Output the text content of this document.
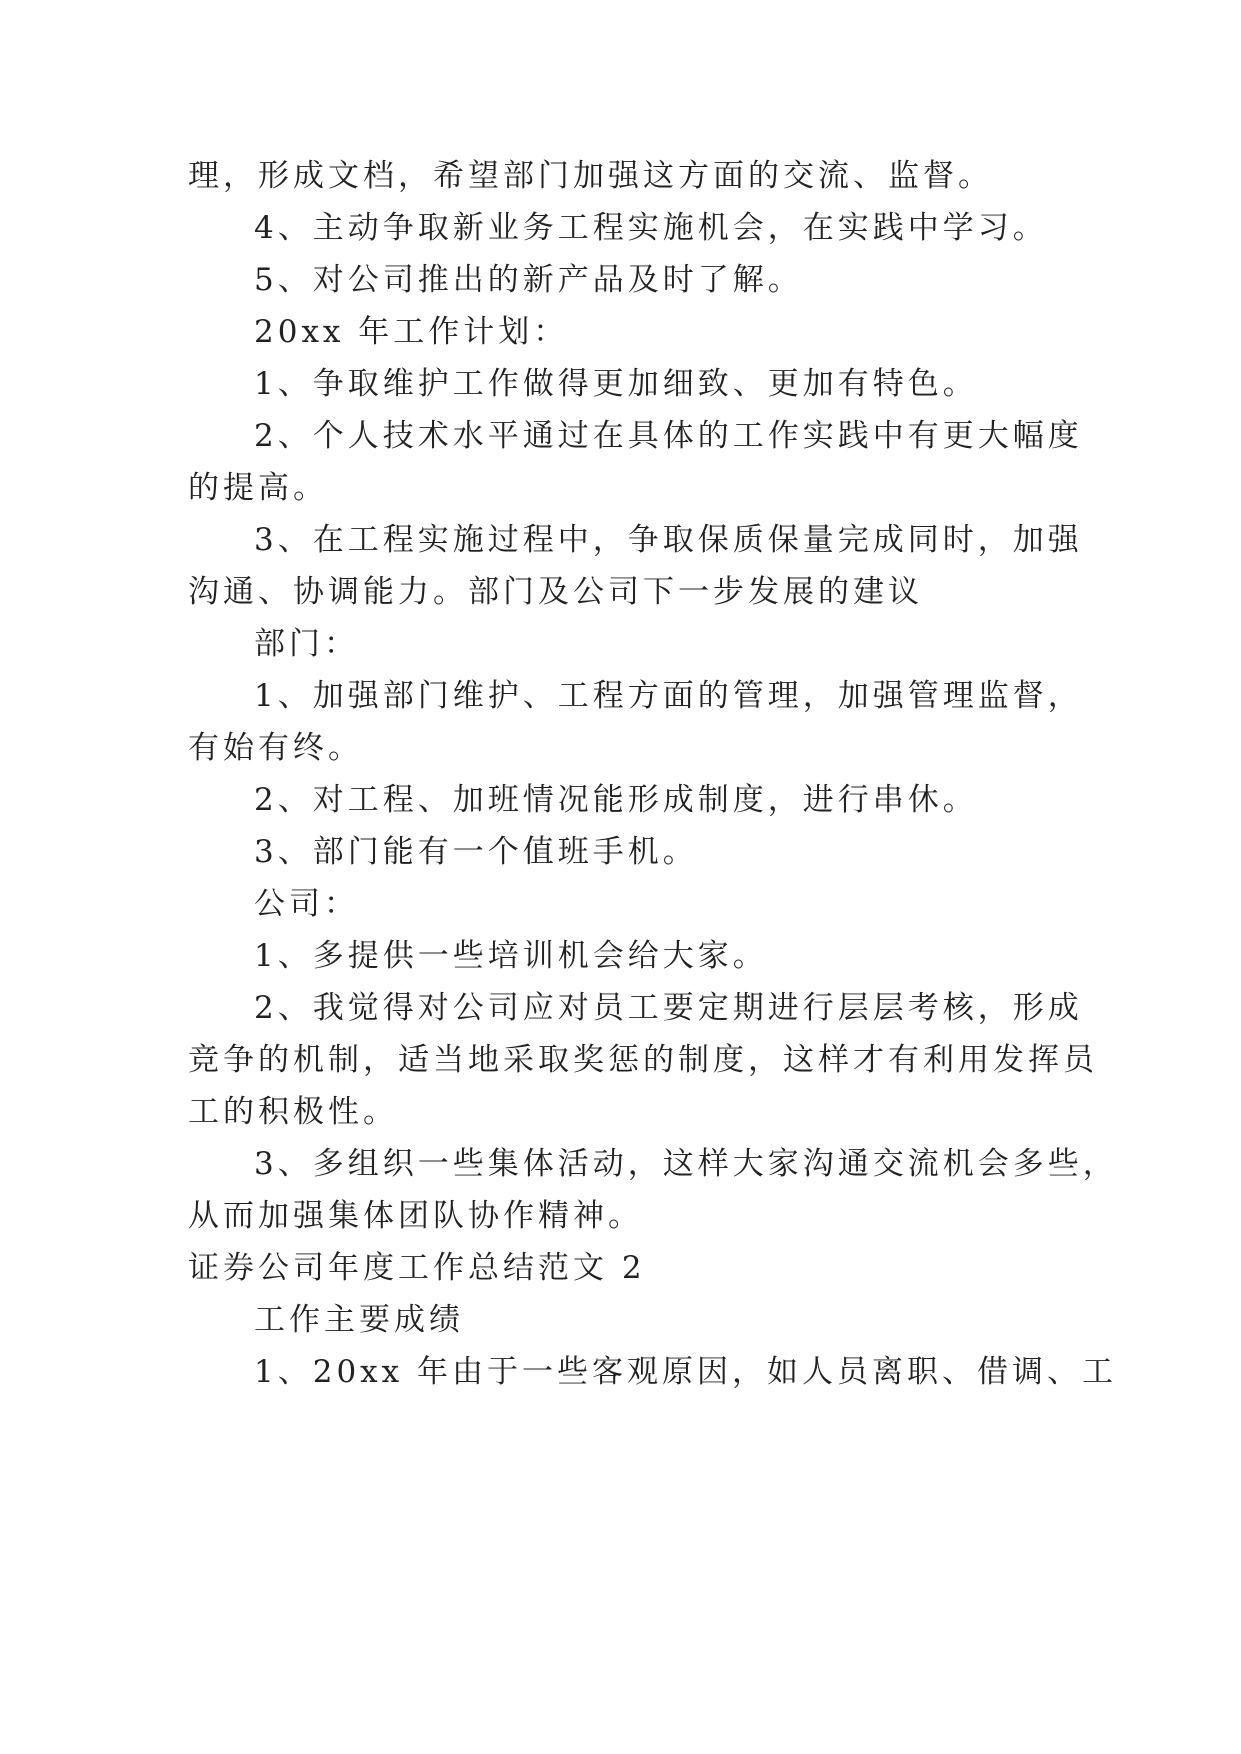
理，形成文档，希望部门加强这方面的交流、监督。
4、主动争取新业务工程实施机会，在实践中学习。
5、对公司推出的新产品及时了解。
20xx 年工作计划：
1、争取维护工作做得更加细致、更加有特色。
2、个人技术水平通过在具体的工作实践中有更大幅度
的提高。
3、在工程实施过程中，争取保质保量完成同时，加强
沟通、协调能力。部门及公司下一步发展的建议
部门：
1、加强部门维护、工程方面的管理，加强管理监督，
有始有终。
2、对工程、加班情况能形成制度，进行串休。
3、部门能有一个值班手机。
公司：
1、多提供一些培训机会给大家。
2、我觉得对公司应对员工要定期进行层层考核，形成
竞争的机制，适当地采取奖惩的制度，这样才有利用发挥员
工的积极性。
3、多组织一些集体活动，这样大家沟通交流机会多些，
从而加强集体团队协作精神。
证券公司年度工作总结范文 2
工作主要成绩
1、20xx 年由于一些客观原因，如人员离职、借调、工
